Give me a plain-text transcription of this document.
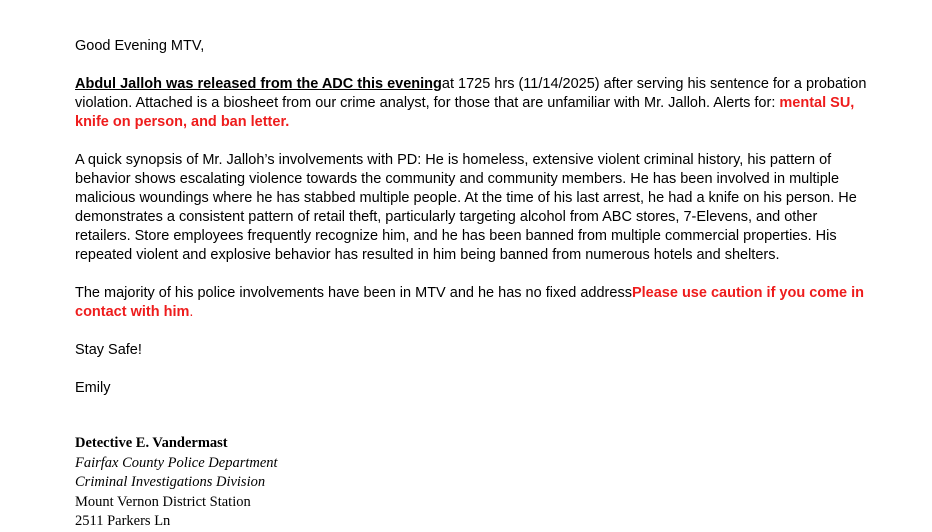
Good Evening MTV,
Abdul Jalloh was released from the ADC this eveningat 1725 hrs (11/14/2025) after serving his sentence for a probation violation. Attached is a biosheet from our crime analyst, for those that are unfamiliar with Mr. Jalloh. Alerts for: mental SU, knife on person, and ban letter.
A quick synopsis of Mr. Jalloh’s involvements with PD: He is homeless, extensive violent criminal history, his pattern of behavior shows escalating violence towards the community and community members. He has been involved in multiple malicious woundings where he has stabbed multiple people. At the time of his last arrest, he had a knife on his person. He demonstrates a consistent pattern of retail theft, particularly targeting alcohol from ABC stores, 7-Elevens, and other retailers. Store employees frequently recognize him, and he has been banned from multiple commercial properties. His repeated violent and explosive behavior has resulted in him being banned from numerous hotels and shelters.
The majority of his police involvements have been in MTV and he has no fixed addressPlease use caution if you come in contact with him.
Stay Safe!
Emily
Detective E. Vandermast
Fairfax County Police Department
Criminal Investigations Division
Mount Vernon District Station
2511 Parkers Ln
